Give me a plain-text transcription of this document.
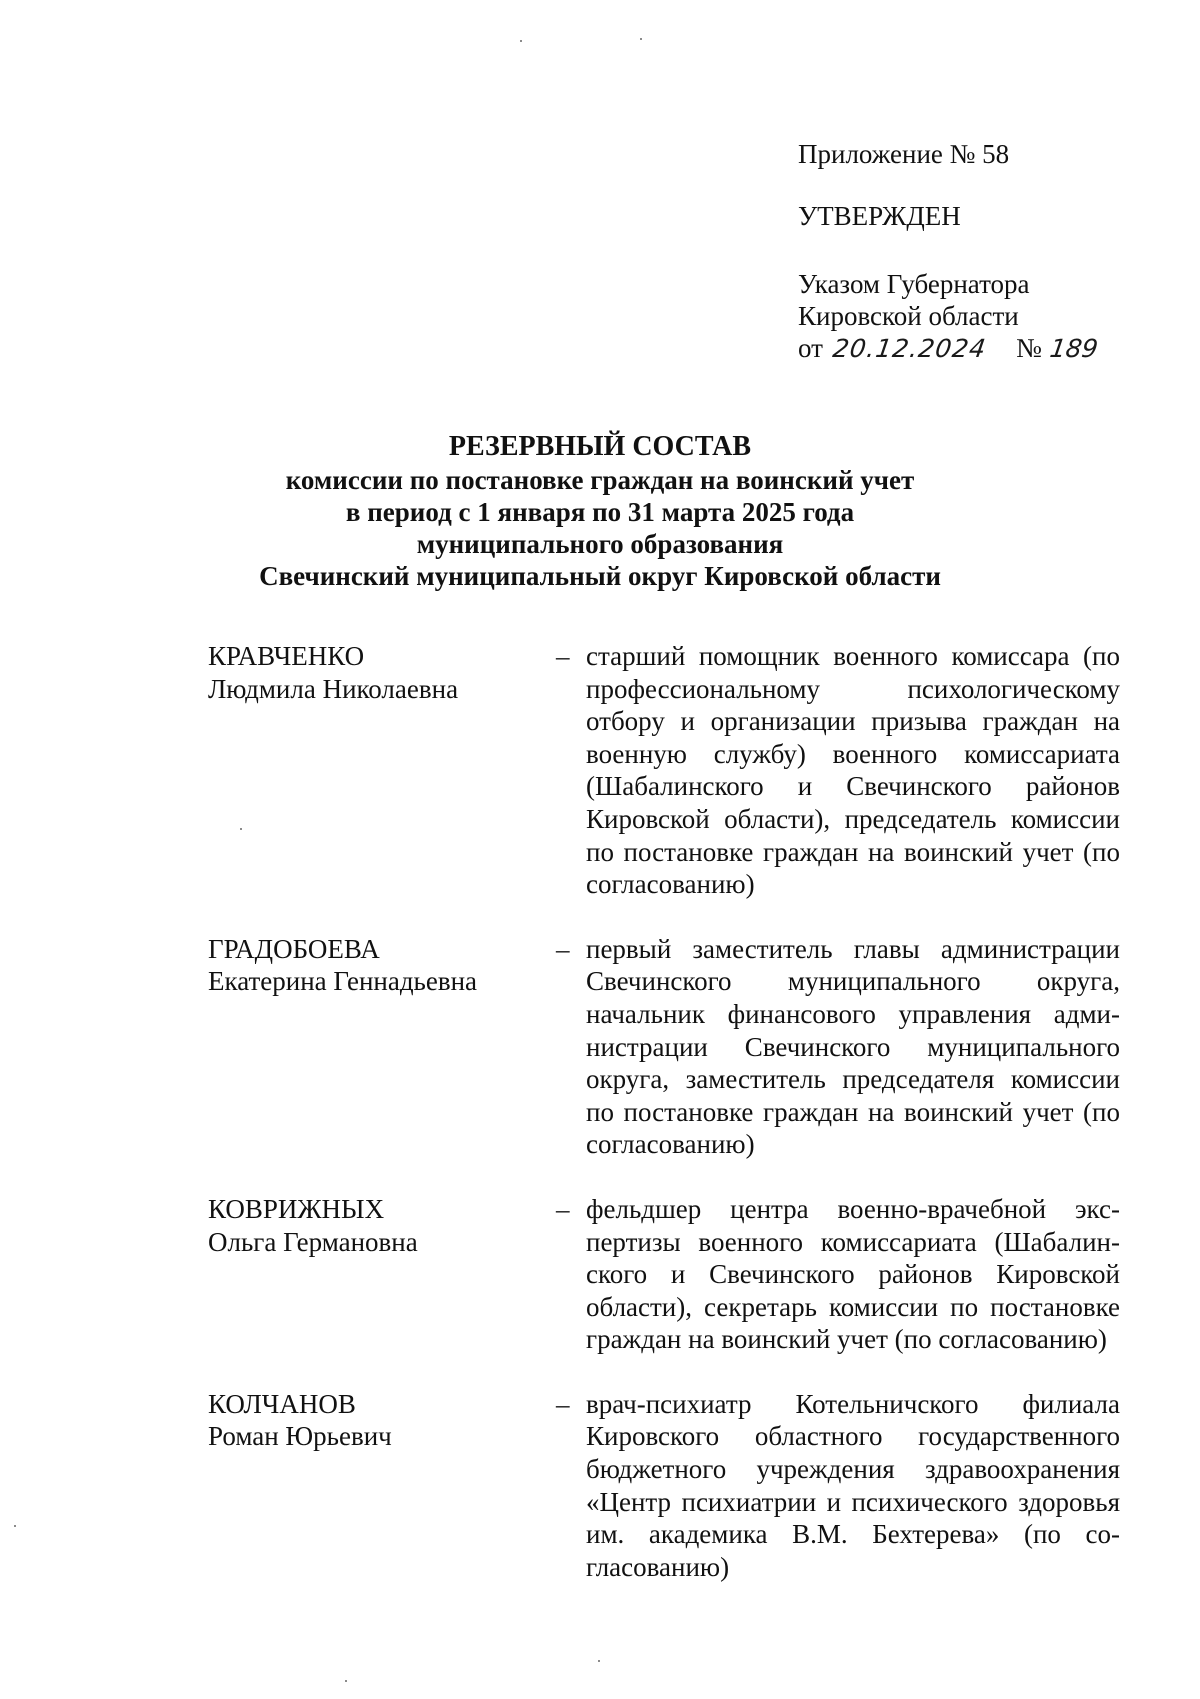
Приложение № 58
УТВЕРЖДЕН
Указом Губернатора
Кировской области
от 20.12.2024 № 189
РЕЗЕРВНЫЙ СОСТАВ
комиссии по постановке граждан на воинский учет
в период с 1 января по 31 марта 2025 года
муниципального образования
Свечинский муниципальный округ Кировской области
КРАВЧЕНКО
Людмила Николаевна
– старший помощник военного комиссара (по профессиональному психологическому отбору и организации призыва граждан на военную службу) военного комиссариата (Шабалинского и Свечинского районов Кировской области), председатель комиссии по постановке граждан на воинский учет (по согласованию)
ГРАДОБОЕВА
Екатерина Геннадьевна
– первый заместитель главы администрации Свечинского муниципального округа, начальник финансового управления администрации Свечинского муниципального округа, заместитель председателя комиссии по постановке граждан на воинский учет (по согласованию)
КОВРИЖНЫХ
Ольга Германовна
– фельдшер центра военно-врачебной экспертизы военного комиссариата (Шабалинского и Свечинского районов Кировской области), секретарь комиссии по постановке граждан на воинский учет (по согласованию)
КОЛЧАНОВ
Роман Юрьевич
– врач-психиатр Котельничского филиала Кировского областного государственного бюджетного учреждения здравоохранения «Центр психиатрии и психического здоровья им. академика В.М. Бехтерева» (по согласованию)
